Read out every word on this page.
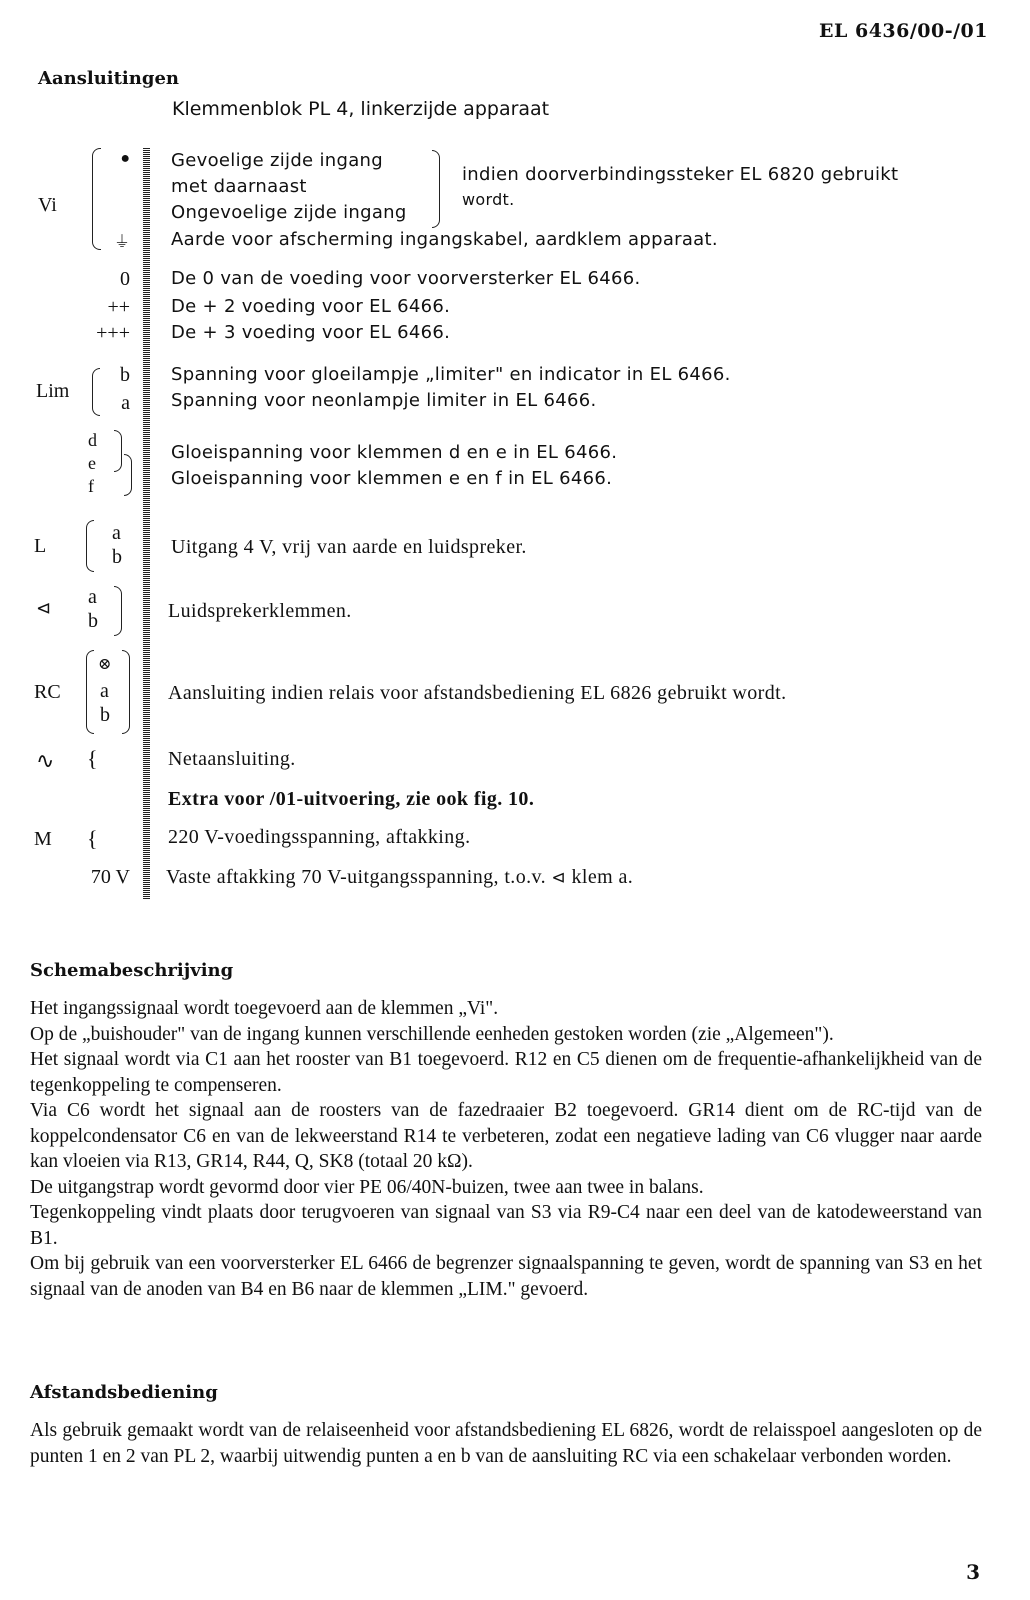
EL 6436/00-/01
Aansluitingen
Klemmenblok PL 4, linkerzijde apparaat
Vi
Lim
L
⊲
RC
∿ {
M {
●
⏚
0
++
+++
b
a
d
e
f
a
b
a
b
⊗
a
b
70 V
Gevoelige zijde ingang
met daarnaast
Ongevoelige zijde ingang
indien doorverbindingssteker EL 6820 gebruikt
wordt.
Aarde voor afscherming ingangskabel, aardklem apparaat.
De 0 van de voeding voor voorversterker EL 6466.
De + 2 voeding voor EL 6466.
De + 3 voeding voor EL 6466.
Spanning voor gloeilampje „limiter" en indicator in EL 6466.
Spanning voor neonlampje limiter in EL 6466.
Gloeispanning voor klemmen d en e in EL 6466.
Gloeispanning voor klemmen e en f in EL 6466.
Uitgang 4 V, vrij van aarde en luidspreker.
Luidsprekerklemmen.
Aansluiting indien relais voor afstandsbediening EL 6826 gebruikt wordt.
Netaansluiting.
Extra voor /01-uitvoering, zie ook fig. 10.
220 V-voedingsspanning, aftakking.
Vaste aftakking 70 V-uitgangsspanning, t.o.v. ⊲ klem a.
Schemabeschrijving

Het ingangssignaal wordt toegevoerd aan de klemmen „Vi".

Op de „buishouder" van de ingang kunnen verschillende eenheden gestoken worden (zie „Algemeen").

Het signaal wordt via C1 aan het rooster van B1 toegevoerd. R12 en C5 dienen om de frequentie-afhankelijkheid van de tegenkoppeling te compenseren.

Via C6 wordt het signaal aan de roosters van de fazedraaier B2 toegevoerd. GR14 dient om de RC-tijd van de koppelcondensator C6 en van de lekweerstand R14 te verbeteren, zodat een negatieve lading van C6 vlugger naar aarde kan vloeien via R13, GR14, R44, Q, SK8 (totaal 20 kΩ).

De uitgangstrap wordt gevormd door vier PE 06/40N-buizen, twee aan twee in balans.

Tegenkoppeling vindt plaats door terugvoeren van signaal van S3 via R9-C4 naar een deel van de katodeweerstand van B1.

Om bij gebruik van een voorversterker EL 6466 de begrenzer signaalspanning te geven, wordt de spanning van S3 en het signaal van de anoden van B4 en B6 naar de klemmen „LIM." gevoerd.

Afstandsbediening

Als gebruik gemaakt wordt van de relaiseenheid voor afstandsbediening EL 6826, wordt de relaisspoel aangesloten op de punten 1 en 2 van PL 2, waarbij uitwendig punten a en b van de aansluiting RC via een schakelaar verbonden worden.

3
